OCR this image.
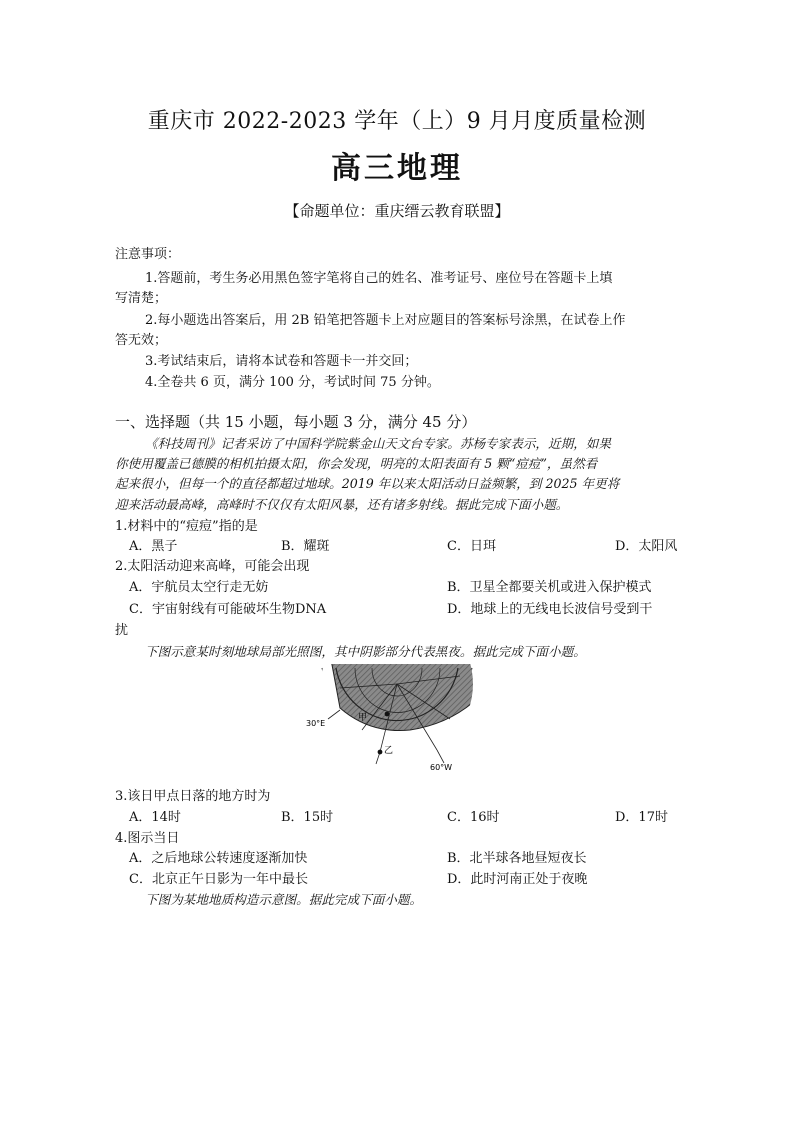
重庆市 2022-2023 学年（上）9 月月度质量检测
高三地理
【命题单位：重庆缙云教育联盟】
注意事项：
1.答题前，考生务必用黑色签字笔将自己的姓名、准考证号、座位号在答题卡上填
写清楚；
2.每小题选出答案后，用 2B 铅笔把答题卡上对应题目的答案标号涂黑，在试卷上作
答无效；
3.考试结束后，请将本试卷和答题卡一并交回；
4.全卷共 6 页，满分 100 分，考试时间 75 分钟。
一、选择题（共 15 小题，每小题 3 分，满分 45 分）
《科技周刊》记者采访了中国科学院紫金山天文台专家。苏杨专家表示，近期，如果
你使用覆盖已德膜的相机拍摄太阳，你会发现，明亮的太阳表面有 5 颗“痘痘”，虽然看
起来很小，但每一个的直径都超过地球。2019 年以来太阳活动日益频繁，到 2025 年更将
迎来活动最高峰，高峰时不仅仅有太阳风暴，还有诸多射线。据此完成下面小题。
1.材料中的“痘痘”指的是
A．黑子	B．耀斑	C．日珥	D．太阳风
2.太阳活动迎来高峰，可能会出现
A．宇航员太空行走无妨	B．卫星全都要关机或进入保护模式
C．宇宙射线有可能破坏生物DNA	D．地球上的无线电长波信号受到干
扰
下图示意某时刻地球局部光照图，其中阴影部分代表黑夜。据此完成下面小题。
甲
乙
30°E
60°W
3.该日甲点日落的地方时为
A．14时	B．15时	C．16时	D．17时
4.图示当日
A．之后地球公转速度逐渐加快	B．北半球各地昼短夜长
C．北京正午日影为一年中最长	D．此时河南正处于夜晚
下图为某地地质构造示意图。据此完成下面小题。
